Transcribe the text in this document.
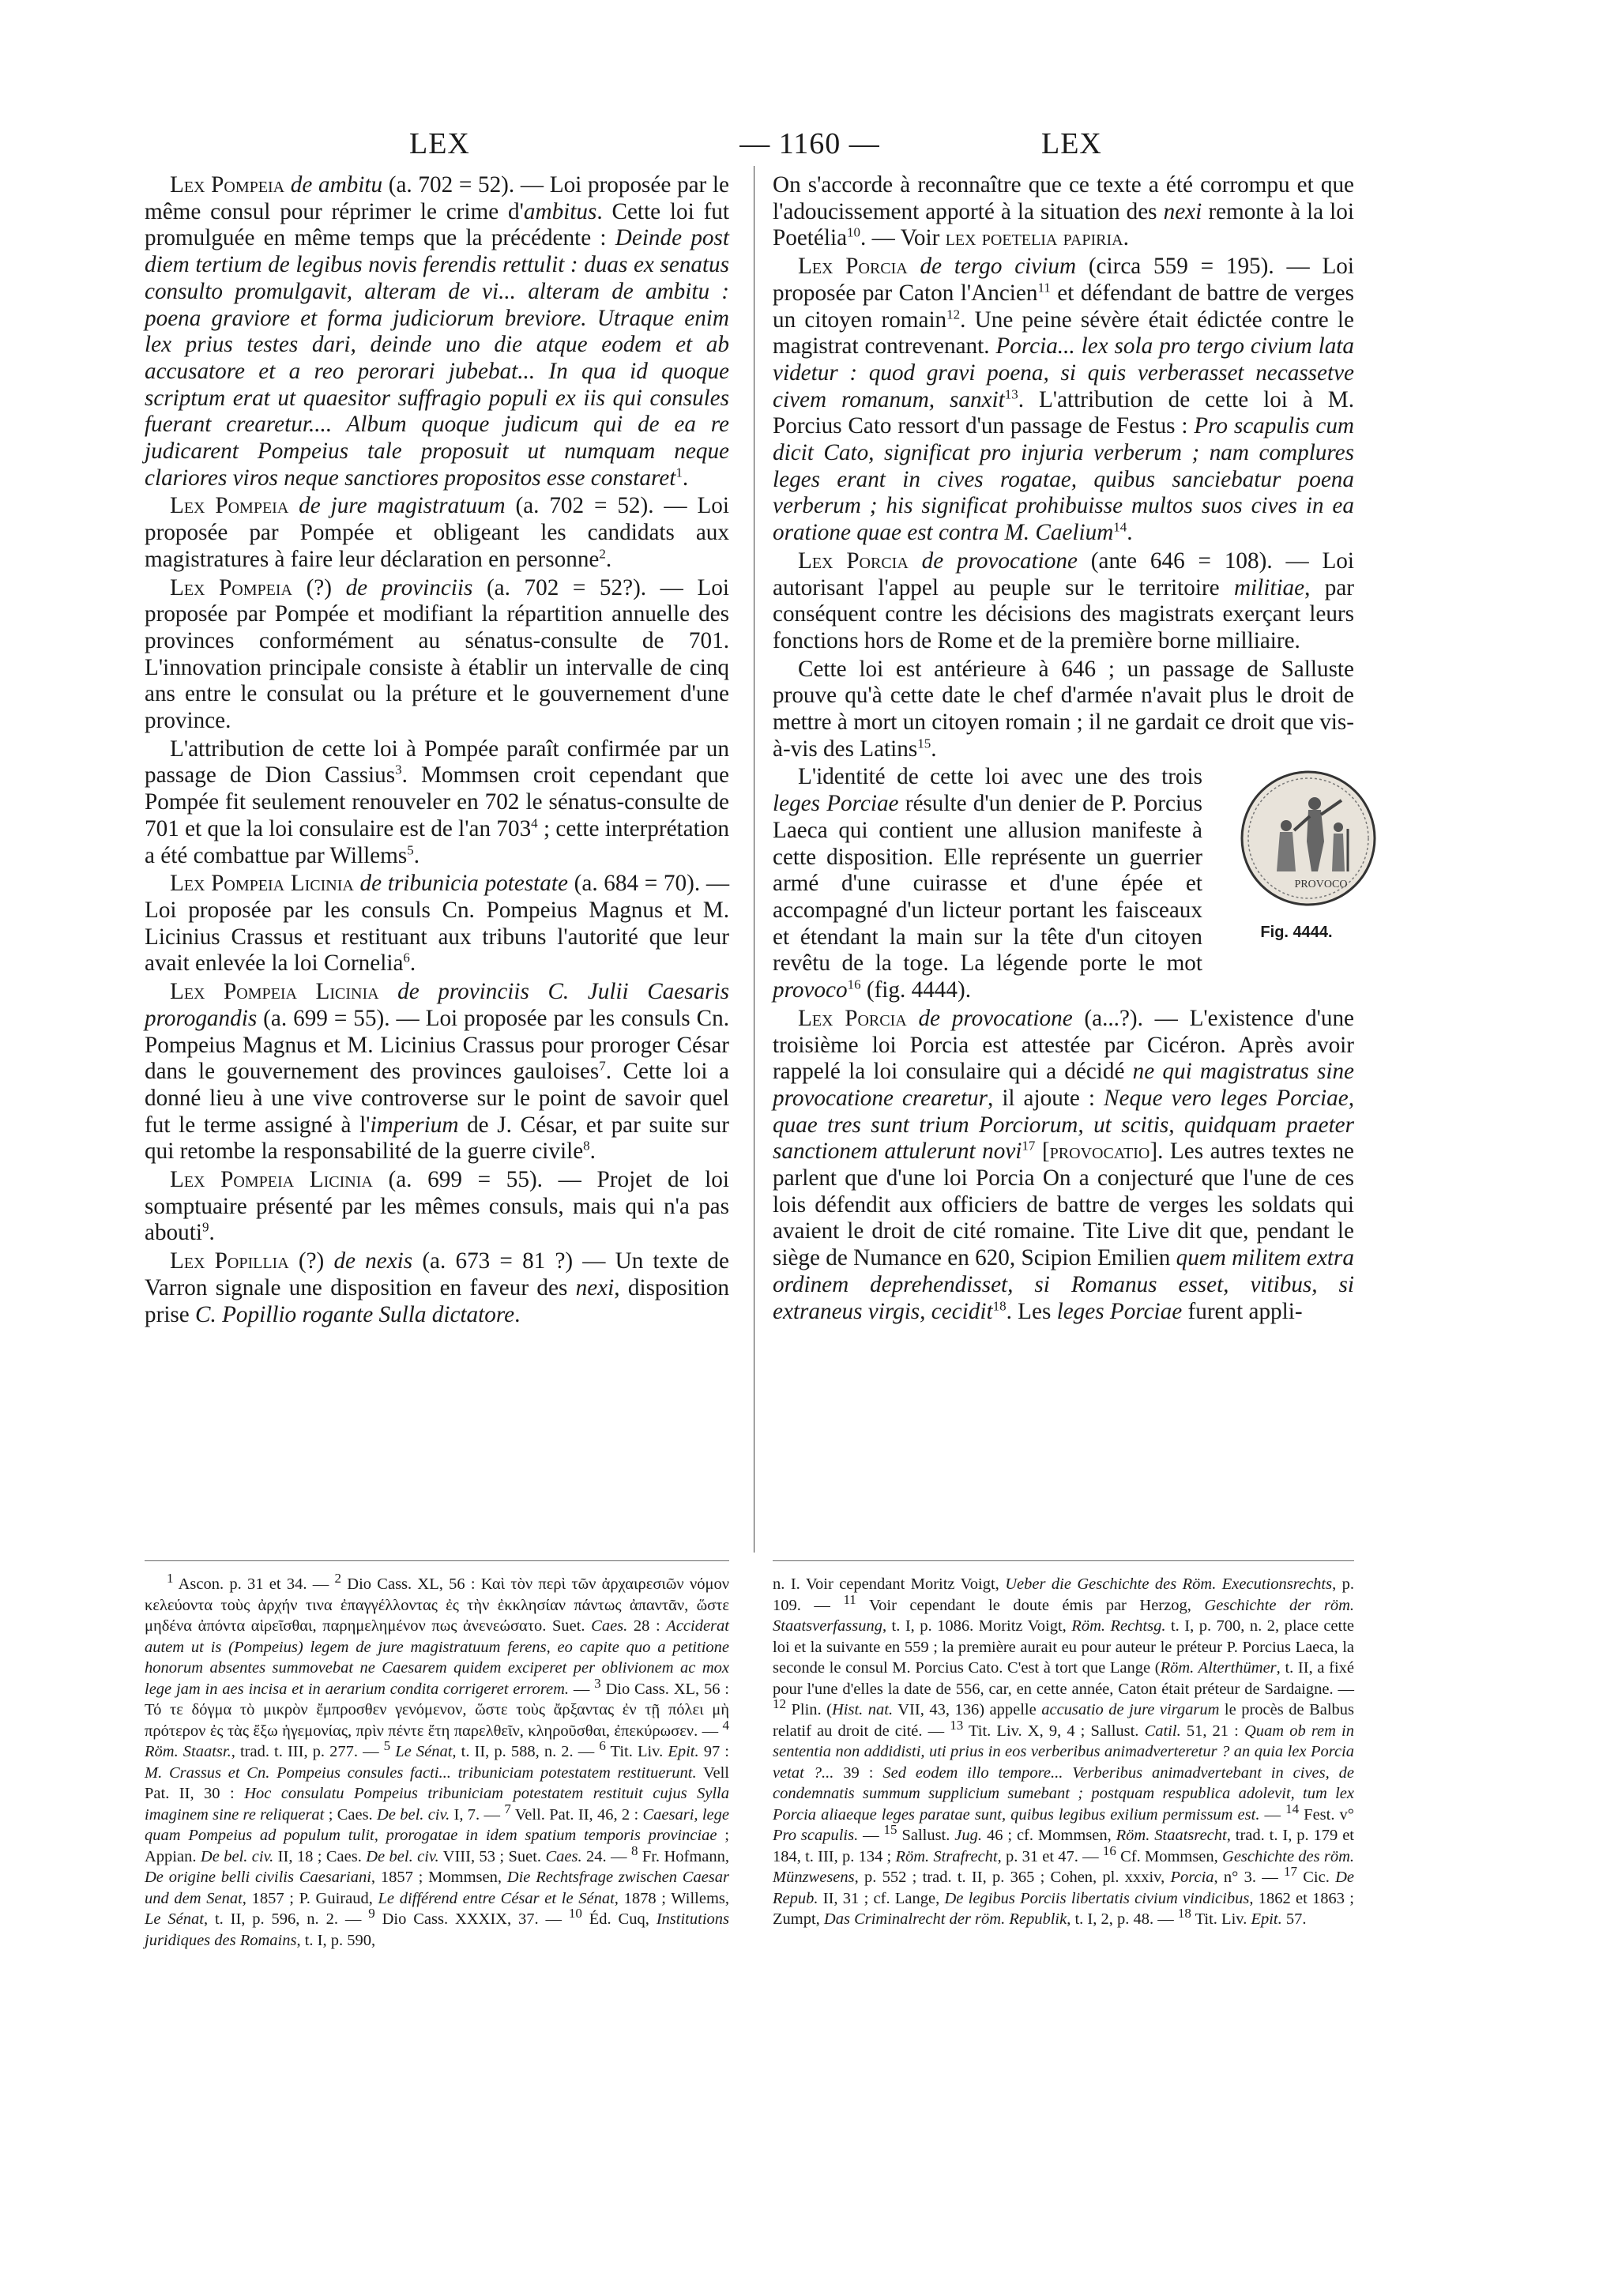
LEX	— 1160 —	LEX

Lex Pompeia de ambitu (a. 702 = 52). — Loi proposée par le même consul pour réprimer le crime d'ambitus. Cette loi fut promulguée en même temps que la précédente : Deinde post diem tertium de legibus novis ferendis rettulit : duas ex senatus consulto promulgavit, alteram de vi... alteram de ambitu : poena graviore et forma judiciorum breviore. Utraque enim lex prius testes dari, deinde uno die atque eodem et ab accusatore et a reo perorari jubebat... In qua id quoque scriptum erat ut quaesitor suffragio populi ex iis qui consules fuerant crearetur.... Album quoque judicum qui de ea re judicarent Pompeius tale proposuit ut numquam neque clariores viros neque sanctiores propositos esse constaret$^1$.

Lex Pompeia de jure magistratuum (a. 702 = 52). — Loi proposée par Pompée et obligeant les candidats aux magistratures à faire leur déclaration en personne$^2$.

Lex Pompeia (?) de provinciis (a. 702 = 52?). — Loi proposée par Pompée et modifiant la répartition annuelle des provinces conformément au sénatus-consulte de 701. L'innovation principale consiste à établir un intervalle de cinq ans entre le consulat ou la préture et le gouvernement d'une province.

L'attribution de cette loi à Pompée paraît confirmée par un passage de Dion Cassius$^3$. Mommsen croit cependant que Pompée fit seulement renouveler en 702 le sénatus-consulte de 701 et que la loi consulaire est de l'an $703^4$ ; cette interprétation a été combattue par Willems$^5$.

Lex Pompeia Licinia de tribunicia potestate (a. 684 = 70). — Loi proposée par les consuls Cn. Pompeius Magnus et M. Licinius Crassus et restituant aux tribuns l'autorité que leur avait enlevée la loi Cornelia$^6$.

Lex Pompeia Licinia de provinciis C. Julii Caesaris prorogandis (a. 699 = 55). — Loi proposée par les consuls Cn. Pompeius Magnus et M. Licinius Crassus pour proroger César dans le gouvernement des provinces gauloises$^7$. Cette loi a donné lieu à une vive controverse sur le point de savoir quel fut le terme assigné à l'imperium de J. César, et par suite sur qui retombe la responsabilité de la guerre civile$^8$.

Lex Pompeia Licinia (a. 699 = 55). — Projet de loi somptuaire présenté par les mêmes consuls, mais qui n'a pas abouti$^9$.

Lex Popillia (?) de nexis (a. 673 = 81 ?) — Un texte de Varron signale une disposition en faveur des nexi, disposition prise C. Popillio rogante Sulla dictatore.

On s'accorde à reconnaître que ce texte a été corrompu et que l'adoucissement apporté à la situation des nexi remonte à la loi Poetélia$^{10}$. — Voir lex poetelia papiria.

Lex Porcia de tergo civium (circa 559 = 195). — Loi proposée par Caton l'Ancien$^{11}$ et défendant de battre de verges un citoyen romain$^{12}$. Une peine sévère était édictée contre le magistrat contrevenant. Porcia... lex sola pro tergo civium lata videtur : quod gravi poena, si quis verberasset necassetve civem romanum, sanxit$^{13}$. L'attribution de cette loi à M. Porcius Cato ressort d'un passage de Festus : Pro scapulis cum dicit Cato, significat pro injuria verberum ; nam complures leges erant in cives rogatae, quibus sanciebatur poena verberum ; his significat prohibuisse multos suos cives in ea oratione quae est contra M. Caelium$^{14}$.

Lex Porcia de provocatione (ante 646 = 108). — Loi autorisant l'appel au peuple sur le territoire militiae, par conséquent contre les décisions des magistrats exerçant leurs fonctions hors de Rome et de la première borne milliaire.

Cette loi est antérieure à 646 ; un passage de Salluste prouve qu'à cette date le chef d'armée n'avait plus le droit de mettre à mort un citoyen romain ; il ne gardait ce droit que vis-à-vis des Latins$^{15}$.

PROVOCO
Fig. 4444.
L'identité de cette loi avec une des trois leges Porciae résulte d'un denier de P. Porcius Laeca qui contient une allusion manifeste à cette disposition. Elle représente un guerrier armé d'une cuirasse et d'une épée et accompagné d'un licteur portant les faisceaux et étendant la main sur la tête d'un citoyen revêtu de la toge. La légende porte le mot provoco$^{16}$ (fig. 4444).

Lex Porcia de provocatione (a...?). — L'existence d'une troisième loi Porcia est attestée par Cicéron. Après avoir rappelé la loi consulaire qui a décidé ne qui magistratus sine provocatione crearetur, il ajoute : Neque vero leges Porciae, quae tres sunt trium Porciorum, ut scitis, quidquam praeter sanctionem attulerunt novi$^{17}$ [provocatio]. Les autres textes ne parlent que d'une loi Porcia On a conjecturé que l'une de ces lois défendit aux officiers de battre de verges les soldats qui avaient le droit de cité romaine. Tite Live dit que, pendant le siège de Numance en 620, Scipion Emilien quem militem extra ordinem deprehendisset, si Romanus esset, vitibus, si extraneus virgis, cecidit$^{18}$. Les leges Porciae furent appli-

$^1$ Ascon. p. 31 et 34. — $^2$ Dio Cass. XL, 56 : Καὶ τὸν περὶ τῶν ἀρχαιρεσιῶν νόμον κελεύοντα τοὺς ἀρχήν τινα ἐπαγγέλλοντας ἐς τὴν ἐκκλησίαν πάντως ἀπαντᾶν, ὥστε μηδένα ἀπόντα αἱρεῖσθαι, παρημελημένον πως ἀνενεώσατο. Suet. Caes. 28 : Acciderat autem ut is (Pompeius) legem de jure magistratuum ferens, eo capite quo a petitione honorum absentes summovebat ne Caesarem quidem exciperet per oblivionem ac mox lege jam in aes incisa et in aerarium condita corrigeret errorem. — $^3$ Dio Cass. XL, 56 : Τό τε δόγμα τὸ μικρὸν ἔμπροσθεν γενόμενον, ὥστε τοὺς ἄρξαντας ἐν τῇ πόλει μὴ πρότερον ἐς τὰς ἔξω ἡγεμονίας, πρὶν πέντε ἔτη παρελθεῖν, κληροῦσθαι, ἐπεκύρωσεν. — $^4$ Röm. Staatsr., trad. t. III, p. 277. — $^5$ Le Sénat, t. II, p. 588, n. 2. — $^6$ Tit. Liv. Epit. 97 : M. Crassus et Cn. Pompeius consules facti... tribuniciam potestatem restituerunt. Vell Pat. II, 30 : Hoc consulatu Pompeius tribuniciam potestatem restituit cujus Sylla imaginem sine re reliquerat ; Caes. De bel. civ. I, 7. — $^7$ Vell. Pat. II, 46, 2 : Caesari, lege quam Pompeius ad populum tulit, prorogatae in idem spatium temporis provinciae ; Appian. De bel. civ. II, 18 ; Caes. De bel. civ. VIII, 53 ; Suet. Caes. 24. — $^8$ Fr. Hofmann, De origine belli civilis Caesariani, 1857 ; Mommsen, Die Rechtsfrage zwischen Caesar und dem Senat, 1857 ; P. Guiraud, Le différend entre César et le Sénat, 1878 ; Willems, Le Sénat, t. II, p. 596, n. 2. — $^9$ Dio Cass. XXXIX, 37. — $^{10}$ Éd. Cuq, Institutions juridiques des Romains, t. I, p. 590,

n. I. Voir cependant Moritz Voigt, Ueber die Geschichte des Röm. Executionsrechts, p. 109. — $^{11}$ Voir cependant le doute émis par Herzog, Geschichte der röm. Staatsverfassung, t. I, p. 1086. Moritz Voigt, Röm. Rechtsg. t. I, p. 700, n. 2, place cette loi et la suivante en 559 ; la première aurait eu pour auteur le préteur P. Porcius Laeca, la seconde le consul M. Porcius Cato. C'est à tort que Lange (Röm. Alterthümer, t. II, a fixé pour l'une d'elles la date de 556, car, en cette année, Caton était préteur de Sardaigne. — $^{12}$ Plin. (Hist. nat. VII, 43, 136) appelle accusatio de jure virgarum le procès de Balbus relatif au droit de cité. — $^{13}$ Tit. Liv. X, 9, 4 ; Sallust. Catil. 51, 21 : Quam ob rem in sententia non addidisti, uti prius in eos verberibus animadverteretur ? an quia lex Porcia vetat ?... 39 : Sed eodem illo tempore... Verberibus animadvertebant in cives, de condemnatis summum supplicium sumebant ; postquam respublica adolevit, tum lex Porcia aliaeque leges paratae sunt, quibus legibus exilium permissum est. — $^{14}$ Fest. v° Pro scapulis. — $^{15}$ Sallust. Jug. 46 ; cf. Mommsen, Röm. Staatsrecht, trad. t. I, p. 179 et 184, t. III, p. 134 ; Röm. Strafrecht, p. 31 et 47. — $^{16}$ Cf. Mommsen, Geschichte des röm. Münzwesens, p. 552 ; trad. t. II, p. 365 ; Cohen, pl. xxxiv, Porcia, n° 3. — $^{17}$ Cic. De Repub. II, 31 ; cf. Lange, De legibus Porciis libertatis civium vindicibus, 1862 et 1863 ; Zumpt, Das Criminalrecht der röm. Republik, t. I, 2, p. 48. — $^{18}$ Tit. Liv. Epit. 57.
